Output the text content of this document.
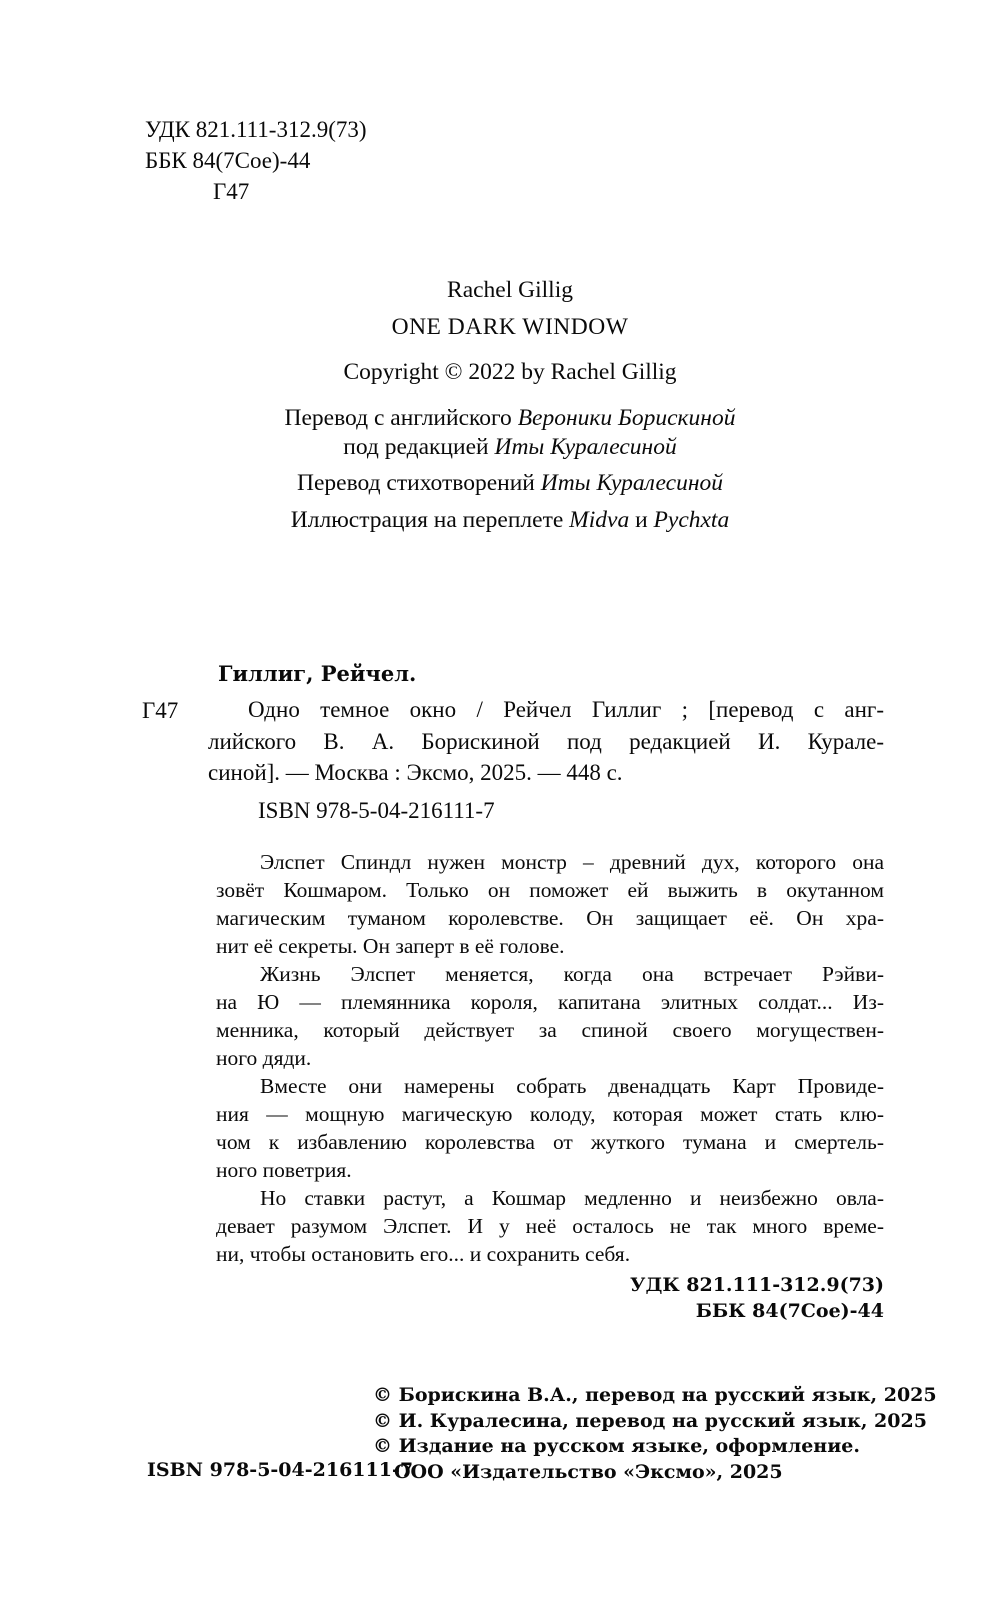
УДК 821.111-312.9(73)
ББК 84(7Сое)-44
Г47
Rachel Gillig
ONE DARK WINDOW
Copyright © 2022 by Rachel Gillig
Перевод с английского Вероники Борискиной
под редакцией Иты Куралесиной
Перевод стихотворений Иты Куралесиной
Иллюстрация на переплете Midva и Pychxta
Гиллиг, Рейчел.
Г47	Одно темное окно / Рейчел Гиллиг ; [перевод с анг-
лийского В. А. Борискиной под редакцией И. Курале-
синой]. — Москва : Эксмо, 2025. — 448 с.
ISBN 978-5-04-216111-7
Элспет Спиндл нужен монстр – древний дух, которого она
зовёт Кошмаром. Только он поможет ей выжить в окутанном
магическим туманом королевстве. Он защищает её. Он хра-
нит её секреты. Он заперт в её голове.
Жизнь Элспет меняется, когда она встречает Рэйви-
на Ю — племянника короля, капитана элитных солдат... Из-
менника, который действует за спиной своего могуществен-
ного дяди.
Вместе они намерены собрать двенадцать Карт Провиде-
ния — мощную магическую колоду, которая может стать клю-
чом к избавлению королевства от жуткого тумана и смертель-
ного поветрия.
Но ставки растут, а Кошмар медленно и неизбежно овла-
девает разумом Элспет. И у неё осталось не так много време-
ни, чтобы остановить его... и сохранить себя.
УДК 821.111-312.9(73)
ББК 84(7Сое)-44
© Борискина В.А., перевод на русский язык, 2025
© И. Куралесина, перевод на русский язык, 2025
© Издание на русском языке, оформление.
ООО «Издательство «Эксмо», 2025
ISBN 978-5-04-216111-7
